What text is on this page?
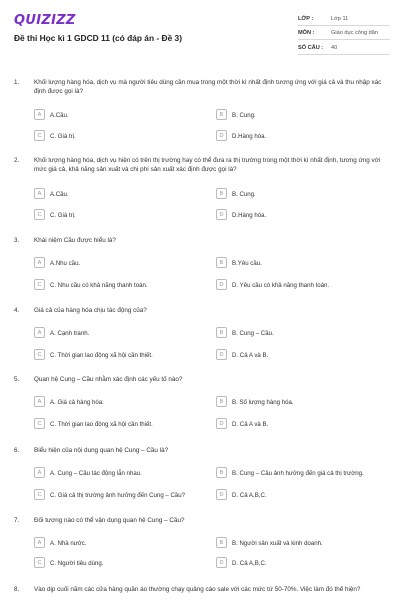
QUIZIZZ
Đề thi Học kì 1 GDCD 11 (có đáp án - Đề 3)
LỚP :	Lớp 11
MÔN :	Giáo dục công dân
SỐ CÂU : 40
1. Khối lượng hàng hóa, dịch vụ mà người tiêu dùng cần mua trong một thời kì nhất định tương ứng với giá cả và thu nhập xác định được gọi là?
A	A.Cầu.	B	B. Cung.
C	C. Giá trị.	D	D.Hàng hóa.
2. Khối lượng hàng hóa, dịch vụ hiện có trên thị trường hay có thể đưa ra thị trường trong một thời kì nhất định, tương ứng với mức giá cả, khả năng sản xuất và chi phí sản xuất xác định được gọi là?
A	A.Cầu.	B	B. Cung.
C	C. Giá trị.	D	D.Hàng hóa.
3. Khái niệm Cầu được hiểu là?
A	A.Nhu cầu.	B	B.Yêu cầu.
C	C. Nhu cầu có khả năng thanh toán.	D	D. Yêu cầu có khả năng thanh toán.
4. Giá cả của hàng hóa chịu tác động của?
A	A. Cạnh tranh.	B	B. Cung – Cầu.
C	C. Thời gian lao động xã hội cần thiết.	D	D. Cả A và B.
5. Quan hệ Cung – Cầu nhằm xác định các yếu tố nào?
A	A. Giá cả hàng hóa.	B	B. Số lượng hàng hóa.
C	C. Thời gian lao động xã hội cần thiết.	D	D. Cả A và B.
6. Biểu hiện của nội dung quan hệ Cung – Cầu là?
A	A. Cung – Cầu tác động lẫn nhau.	B	B. Cung – Cầu ảnh hưởng đến giá cả thị trường.
C	C. Giá cả thị trường ảnh hưởng đến Cung – Cầu?	D	D. Cả A,B,C.
7. Đối tượng nào có thể vận dụng quan hệ Cung – Cầu?
A	A. Nhà nước.	B	B. Người sản xuất và kinh doanh.
C	C. Người tiêu dùng.	D	D. Cả A,B,C.
8. Vào dịp cuối năm các cửa hàng quần áo thường chạy quảng cáo sale với các mức từ 50-70%. Việc làm đó thể hiện?
